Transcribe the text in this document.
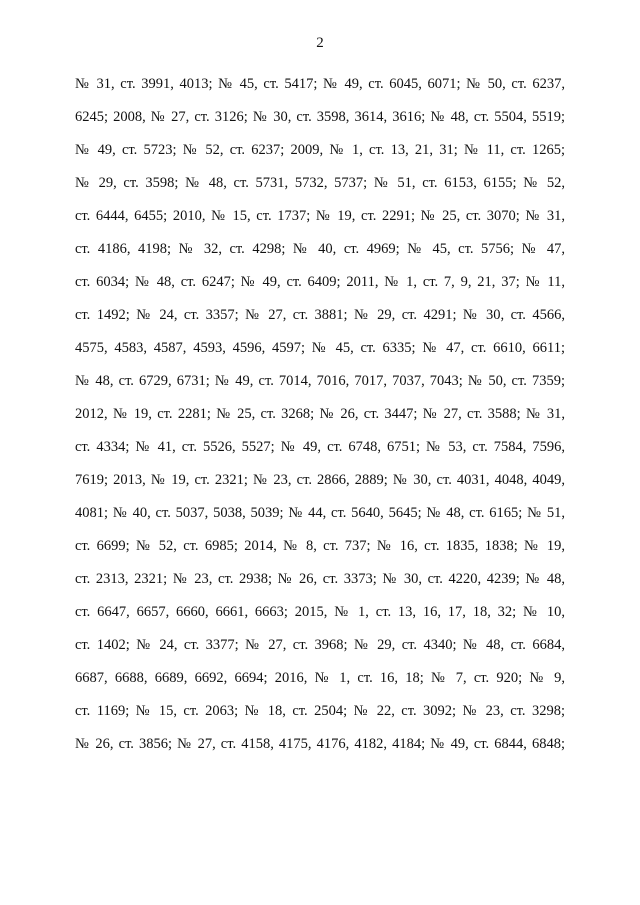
2
№ 31, ст. 3991, 4013; № 45, ст. 5417; № 49, ст. 6045, 6071; № 50, ст. 6237,
6245; 2008, № 27, ст. 3126; № 30, ст. 3598, 3614, 3616; № 48, ст. 5504, 5519;
№ 49, ст. 5723; № 52, ст. 6237; 2009, № 1, ст. 13, 21, 31; № 11, ст. 1265;
№ 29, ст. 3598; № 48, ст. 5731, 5732, 5737; № 51, ст. 6153, 6155; № 52,
ст. 6444, 6455; 2010, № 15, ст. 1737; № 19, ст. 2291; № 25, ст. 3070; № 31,
ст. 4186, 4198; № 32, ст. 4298; № 40, ст. 4969; № 45, ст. 5756; № 47,
ст. 6034; № 48, ст. 6247; № 49, ст. 6409; 2011, № 1, ст. 7, 9, 21, 37; № 11,
ст. 1492; № 24, ст. 3357; № 27, ст. 3881; № 29, ст. 4291; № 30, ст. 4566,
4575, 4583, 4587, 4593, 4596, 4597; № 45, ст. 6335; № 47, ст. 6610, 6611;
№ 48, ст. 6729, 6731; № 49, ст. 7014, 7016, 7017, 7037, 7043; № 50, ст. 7359;
2012, № 19, ст. 2281; № 25, ст. 3268; № 26, ст. 3447; № 27, ст. 3588; № 31,
ст. 4334; № 41, ст. 5526, 5527; № 49, ст. 6748, 6751; № 53, ст. 7584, 7596,
7619; 2013, № 19, ст. 2321; № 23, ст. 2866, 2889; № 30, ст. 4031, 4048, 4049,
4081; № 40, ст. 5037, 5038, 5039; № 44, ст. 5640, 5645; № 48, ст. 6165; № 51,
ст. 6699; № 52, ст. 6985; 2014, № 8, ст. 737; № 16, ст. 1835, 1838; № 19,
ст. 2313, 2321; № 23, ст. 2938; № 26, ст. 3373; № 30, ст. 4220, 4239; № 48,
ст. 6647, 6657, 6660, 6661, 6663; 2015, № 1, ст. 13, 16, 17, 18, 32; № 10,
ст. 1402; № 24, ст. 3377; № 27, ст. 3968; № 29, ст. 4340; № 48, ст. 6684,
6687, 6688, 6689, 6692, 6694; 2016, № 1, ст. 16, 18; № 7, ст. 920; № 9,
ст. 1169; № 15, ст. 2063; № 18, ст. 2504; № 22, ст. 3092; № 23, ст. 3298;
№ 26, ст. 3856; № 27, ст. 4158, 4175, 4176, 4182, 4184; № 49, ст. 6844, 6848;
